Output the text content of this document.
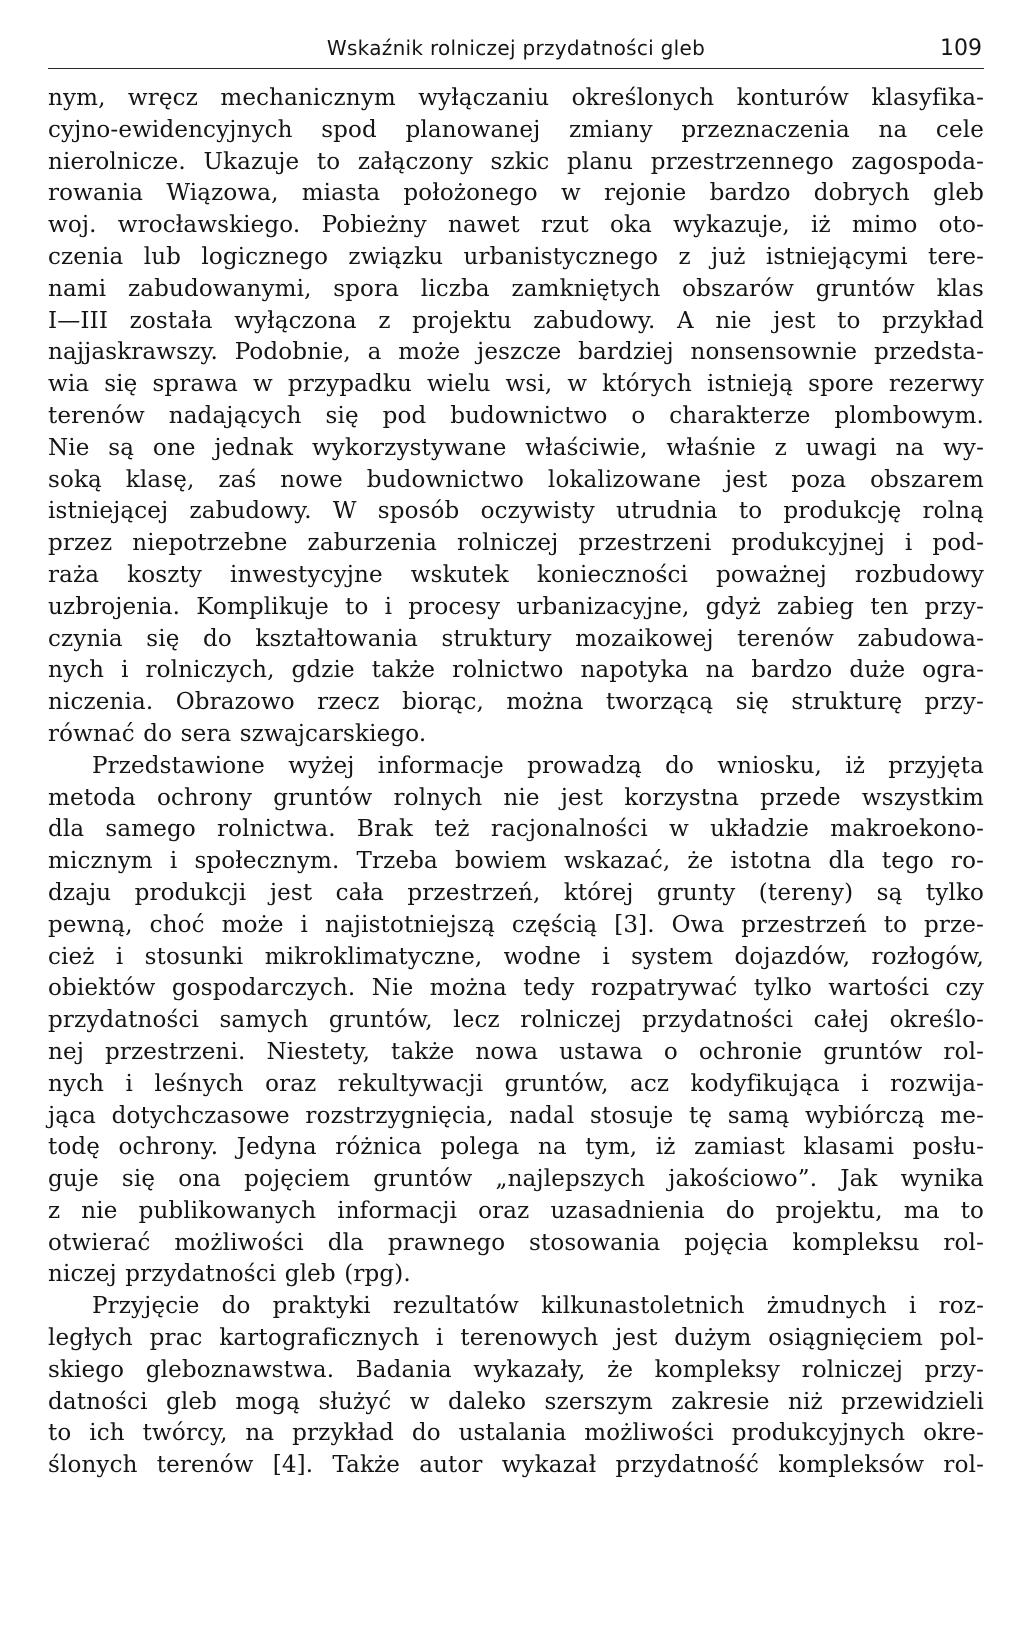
Wskaźnik rolniczej przydatności gleb	109

nym, wręcz mechanicznym wyłączaniu określonych konturów klasyfika-
cyjno-ewidencyjnych spod planowanej zmiany przeznaczenia na cele
nierolnicze. Ukazuje to załączony szkic planu przestrzennego zagospoda-
rowania Wiązowa, miasta położonego w rejonie bardzo dobrych gleb
woj. wrocławskiego. Pobieżny nawet rzut oka wykazuje, iż mimo oto-
czenia lub logicznego związku urbanistycznego z już istniejącymi tere-
nami zabudowanymi, spora liczba zamkniętych obszarów gruntów klas
I—III została wyłączona z projektu zabudowy. A nie jest to przykład
najjaskrawszy. Podobnie, a może jeszcze bardziej nonsensownie przedsta-
wia się sprawa w przypadku wielu wsi, w których istnieją spore rezerwy
terenów nadających się pod budownictwo o charakterze plombowym.
Nie są one jednak wykorzystywane właściwie, właśnie z uwagi na wy-
soką klasę, zaś nowe budownictwo lokalizowane jest poza obszarem
istniejącej zabudowy. W sposób oczywisty utrudnia to produkcję rolną
przez niepotrzebne zaburzenia rolniczej przestrzeni produkcyjnej i pod-
raża koszty inwestycyjne wskutek konieczności poważnej rozbudowy
uzbrojenia. Komplikuje to i procesy urbanizacyjne, gdyż zabieg ten przy-
czynia się do kształtowania struktury mozaikowej terenów zabudowa-
nych i rolniczych, gdzie także rolnictwo napotyka na bardzo duże ogra-
niczenia. Obrazowo rzecz biorąc, można tworzącą się strukturę przy-
równać do sera szwajcarskiego.

Przedstawione wyżej informacje prowadzą do wniosku, iż przyjęta
metoda ochrony gruntów rolnych nie jest korzystna przede wszystkim
dla samego rolnictwa. Brak też racjonalności w układzie makroekono-
micznym i społecznym. Trzeba bowiem wskazać, że istotna dla tego ro-
dzaju produkcji jest cała przestrzeń, której grunty (tereny) są tylko
pewną, choć może i najistotniejszą częścią [3]. Owa przestrzeń to prze-
cież i stosunki mikroklimatyczne, wodne i system dojazdów, rozłogów,
obiektów gospodarczych. Nie można tedy rozpatrywać tylko wartości czy
przydatności samych gruntów, lecz rolniczej przydatności całej określo-
nej przestrzeni. Niestety, także nowa ustawa o ochronie gruntów rol-
nych i leśnych oraz rekultywacji gruntów, acz kodyfikująca i rozwija-
jąca dotychczasowe rozstrzygnięcia, nadal stosuje tę samą wybiórczą me-
todę ochrony. Jedyna różnica polega na tym, iż zamiast klasami posłu-
guje się ona pojęciem gruntów „najlepszych jakościowo”. Jak wynika
z nie publikowanych informacji oraz uzasadnienia do projektu, ma to
otwierać możliwości dla prawnego stosowania pojęcia kompleksu rol-
niczej przydatności gleb (rpg).

Przyjęcie do praktyki rezultatów kilkunastoletnich żmudnych i roz-
ległych prac kartograficznych i terenowych jest dużym osiągnięciem pol-
skiego gleboznawstwa. Badania wykazały, że kompleksy rolniczej przy-
datności gleb mogą służyć w daleko szerszym zakresie niż przewidzieli
to ich twórcy, na przykład do ustalania możliwości produkcyjnych okre-
ślonych terenów [4]. Także autor wykazał przydatność kompleksów rol-
